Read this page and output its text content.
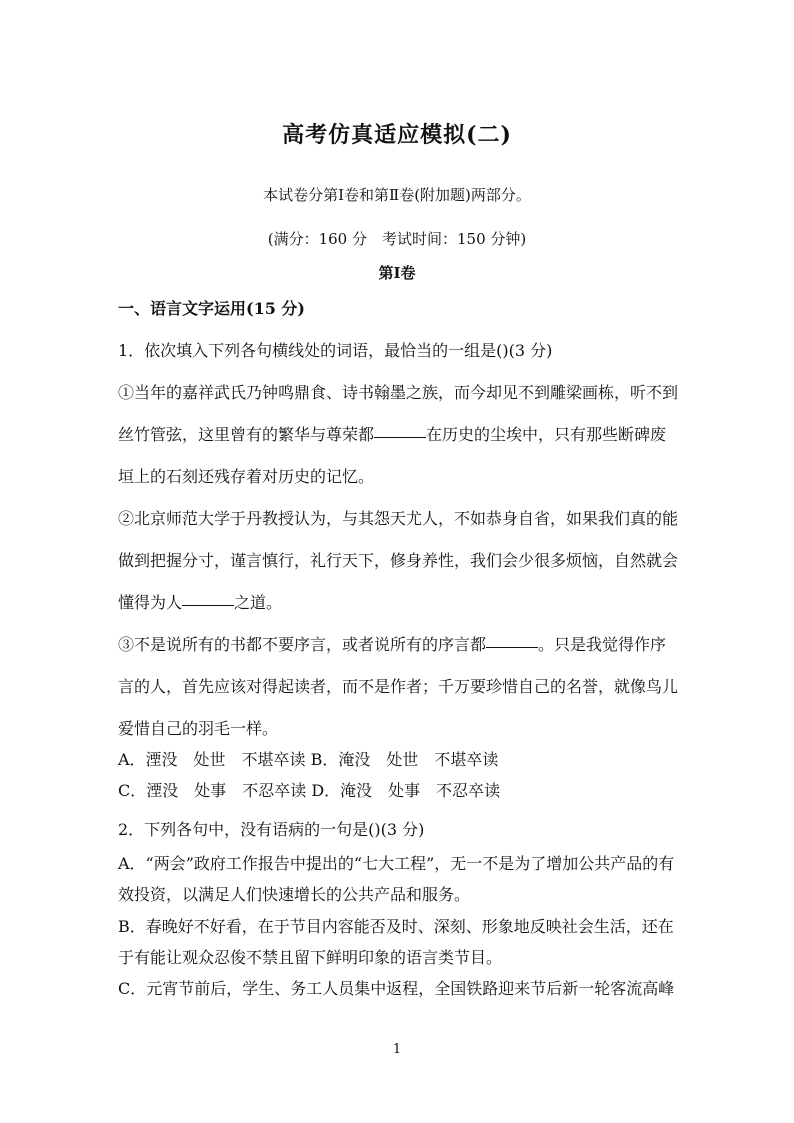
高考仿真适应模拟(二)
本试卷分第Ⅰ卷和第Ⅱ卷(附加题)两部分。
(满分：160 分　考试时间：150 分钟)
第Ⅰ卷
一、语言文字运用(15 分)
1．依次填入下列各句横线处的词语，最恰当的一组是()(3 分)
①当年的嘉祥武氏乃钟鸣鼎食、诗书翰墨之族，而今却见不到雕梁画栋，听不到丝竹管弦，这里曾有的繁华与尊荣都	在历史的尘埃中，只有那些断碑废垣上的石刻还残存着对历史的记忆。
②北京师范大学于丹教授认为，与其怨天尤人，不如恭身自省，如果我们真的能做到把握分寸，谨言慎行，礼行天下，修身养性，我们会少很多烦恼，自然就会懂得为人	之道。
③不是说所有的书都不要序言，或者说所有的序言都	。只是我觉得作序言的人，首先应该对得起读者，而不是作者；千万要珍惜自己的名誉，就像鸟儿爱惜自己的羽毛一样。
A．湮没　处世　不堪卒读 B．淹没　处世　不堪卒读
C．湮没　处事　不忍卒读 D．淹没　处事　不忍卒读
2．下列各句中，没有语病的一句是()(3 分)
A．“两会”政府工作报告中提出的“七大工程”，无一不是为了增加公共产品的有效投资，以满足人们快速增长的公共产品和服务。
B．春晚好不好看，在于节目内容能否及时、深刻、形象地反映社会生活，还在于有能让观众忍俊不禁且留下鲜明印象的语言类节目。
C．元宵节前后，学生、务工人员集中返程，全国铁路迎来节后新一轮客流高峰
1
